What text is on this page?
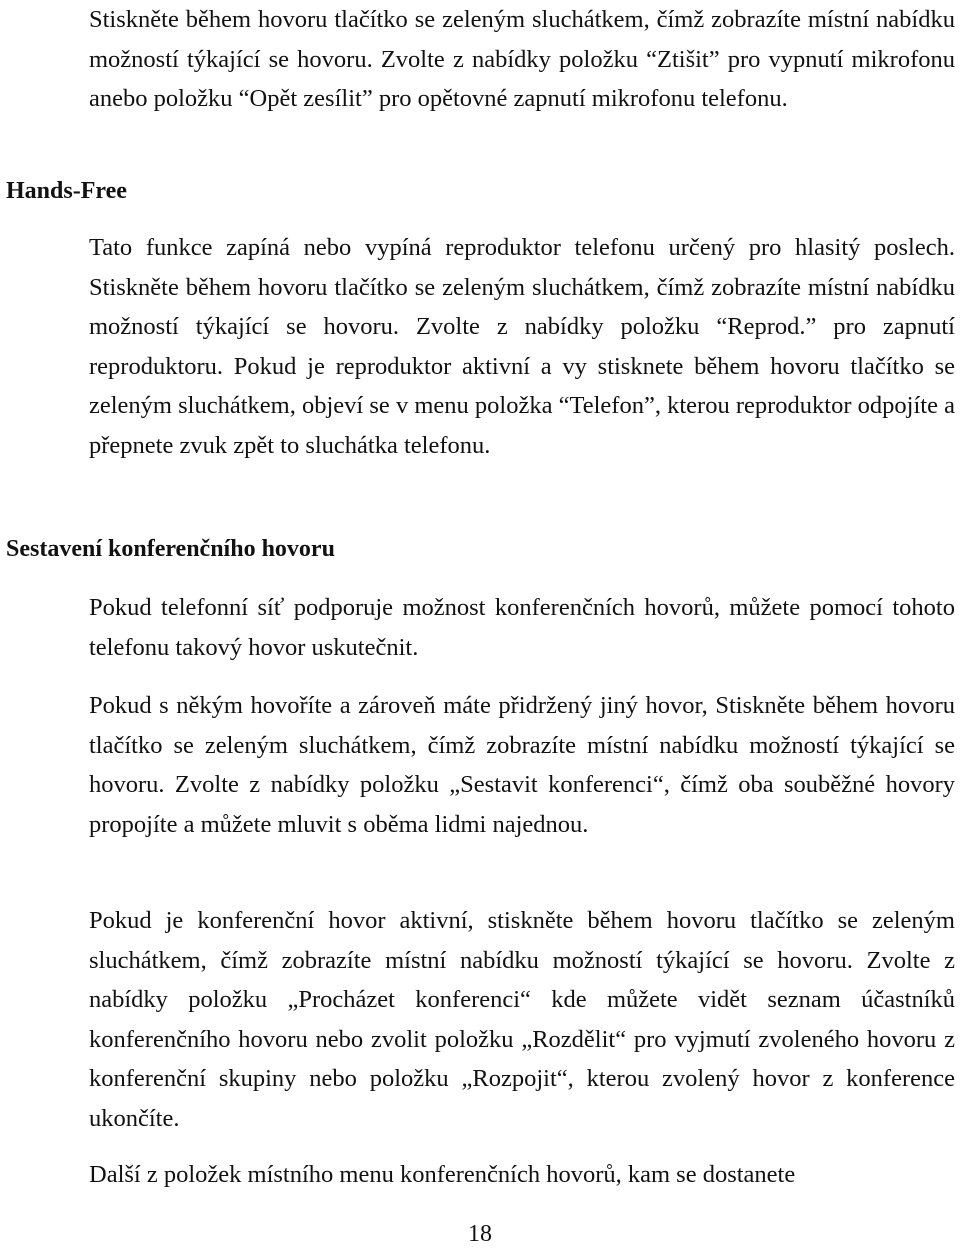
Stiskněte během hovoru tlačítko se zeleným sluchátkem, čímž zobrazíte místní nabídku možností týkající se hovoru. Zvolte z nabídky položku “Ztišit” pro vypnutí mikrofonu anebo položku “Opět zesílit” pro opětovné zapnutí mikrofonu telefonu.

Hands-Free

Tato funkce zapíná nebo vypíná reproduktor telefonu určený pro hlasitý poslech. Stiskněte během hovoru tlačítko se zeleným sluchátkem, čímž zobrazíte místní nabídku možností týkající se hovoru. Zvolte z nabídky položku “Reprod.” pro zapnutí reproduktoru. Pokud je reproduktor aktivní a vy stisknete během hovoru tlačítko se zeleným sluchátkem, objeví se v menu položka “Telefon”, kterou reproduktor odpojíte a přepnete zvuk zpět to sluchátka telefonu.

Sestavení konferenčního hovoru

Pokud telefonní síť podporuje možnost konferenčních hovorů, můžete pomocí tohoto telefonu takový hovor uskutečnit.

Pokud s někým hovoříte a zároveň máte přidržený jiný hovor, Stiskněte během hovoru tlačítko se zeleným sluchátkem, čímž zobrazíte místní nabídku možností týkající se hovoru. Zvolte z nabídky položku „Sestavit konferenci“, čímž oba souběžné hovory propojíte a můžete mluvit s oběma lidmi najednou.

Pokud je konferenční hovor aktivní, stiskněte během hovoru tlačítko se zeleným sluchátkem, čímž zobrazíte místní nabídku možností týkající se hovoru. Zvolte z nabídky položku „Procházet konferenci“ kde můžete vidět seznam účastníků konferenčního hovoru nebo zvolit položku „Rozdělit“ pro vyjmutí zvoleného hovoru z konferenční skupiny nebo položku „Rozpojit“, kterou zvolený hovor z konference ukončíte.

Další z položek místního menu konferenčních hovorů, kam se dostanete

18
